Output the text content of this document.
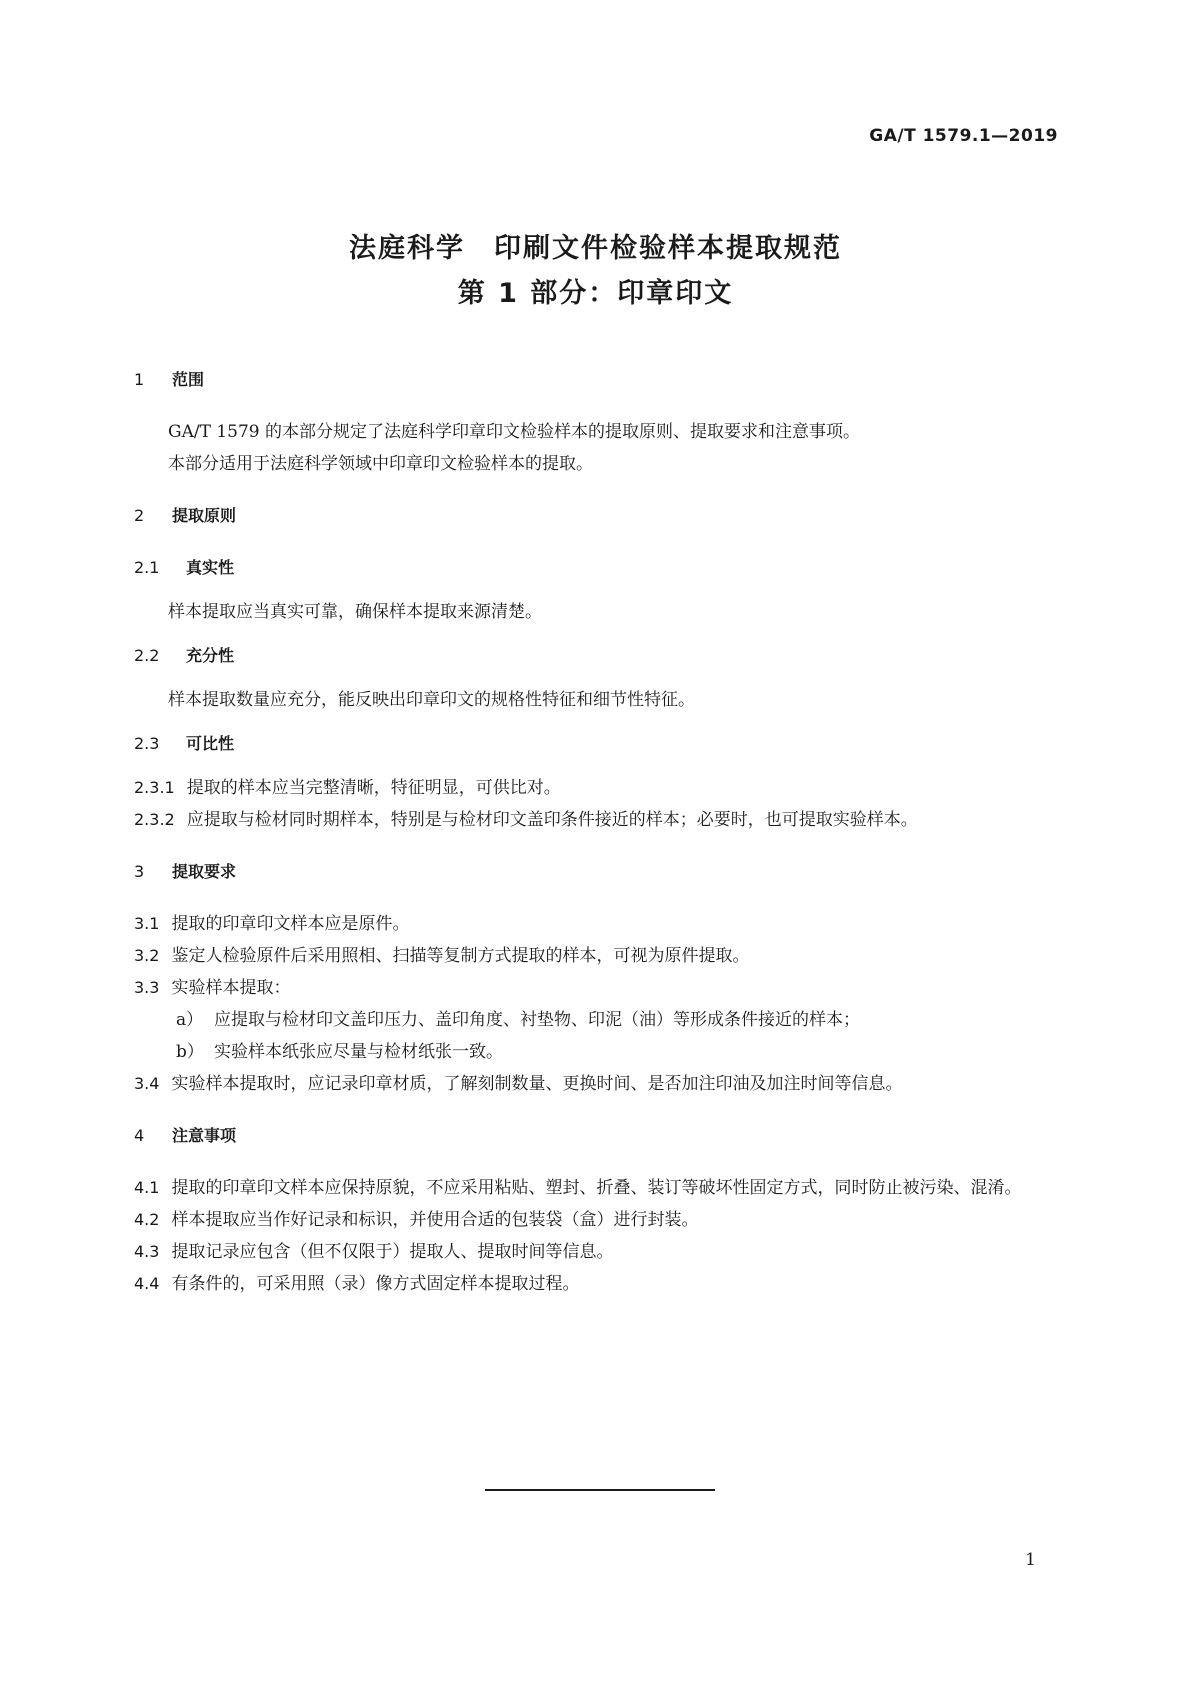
GA/T 1579.1—2019

法庭科学　印刷文件检验样本提取规范

第 1 部分：印章印文

1 范围

GA/T 1579 的本部分规定了法庭科学印章印文检验样本的提取原则、提取要求和注意事项。

本部分适用于法庭科学领域中印章印文检验样本的提取。

2 提取原则

2.1 真实性

样本提取应当真实可靠，确保样本提取来源清楚。

2.2 充分性

样本提取数量应充分，能反映出印章印文的规格性特征和细节性特征。

2.3 可比性

2.3.1 提取的样本应当完整清晰，特征明显，可供比对。

2.3.2 应提取与检材同时期样本，特别是与检材印文盖印条件接近的样本；必要时，也可提取实验样本。

3 提取要求

3.1 提取的印章印文样本应是原件。

3.2 鉴定人检验原件后采用照相、扫描等复制方式提取的样本，可视为原件提取。

3.3 实验样本提取：

a） 应提取与检材印文盖印压力、盖印角度、衬垫物、印泥（油）等形成条件接近的样本；

b） 实验样本纸张应尽量与检材纸张一致。

3.4 实验样本提取时，应记录印章材质，了解刻制数量、更换时间、是否加注印油及加注时间等信息。

4 注意事项

4.1 提取的印章印文样本应保持原貌，不应采用粘贴、塑封、折叠、装订等破坏性固定方式，同时防止被污染、混淆。

4.2 样本提取应当作好记录和标识，并使用合适的包装袋（盒）进行封装。

4.3 提取记录应包含（但不仅限于）提取人、提取时间等信息。

4.4 有条件的，可采用照（录）像方式固定样本提取过程。

1
